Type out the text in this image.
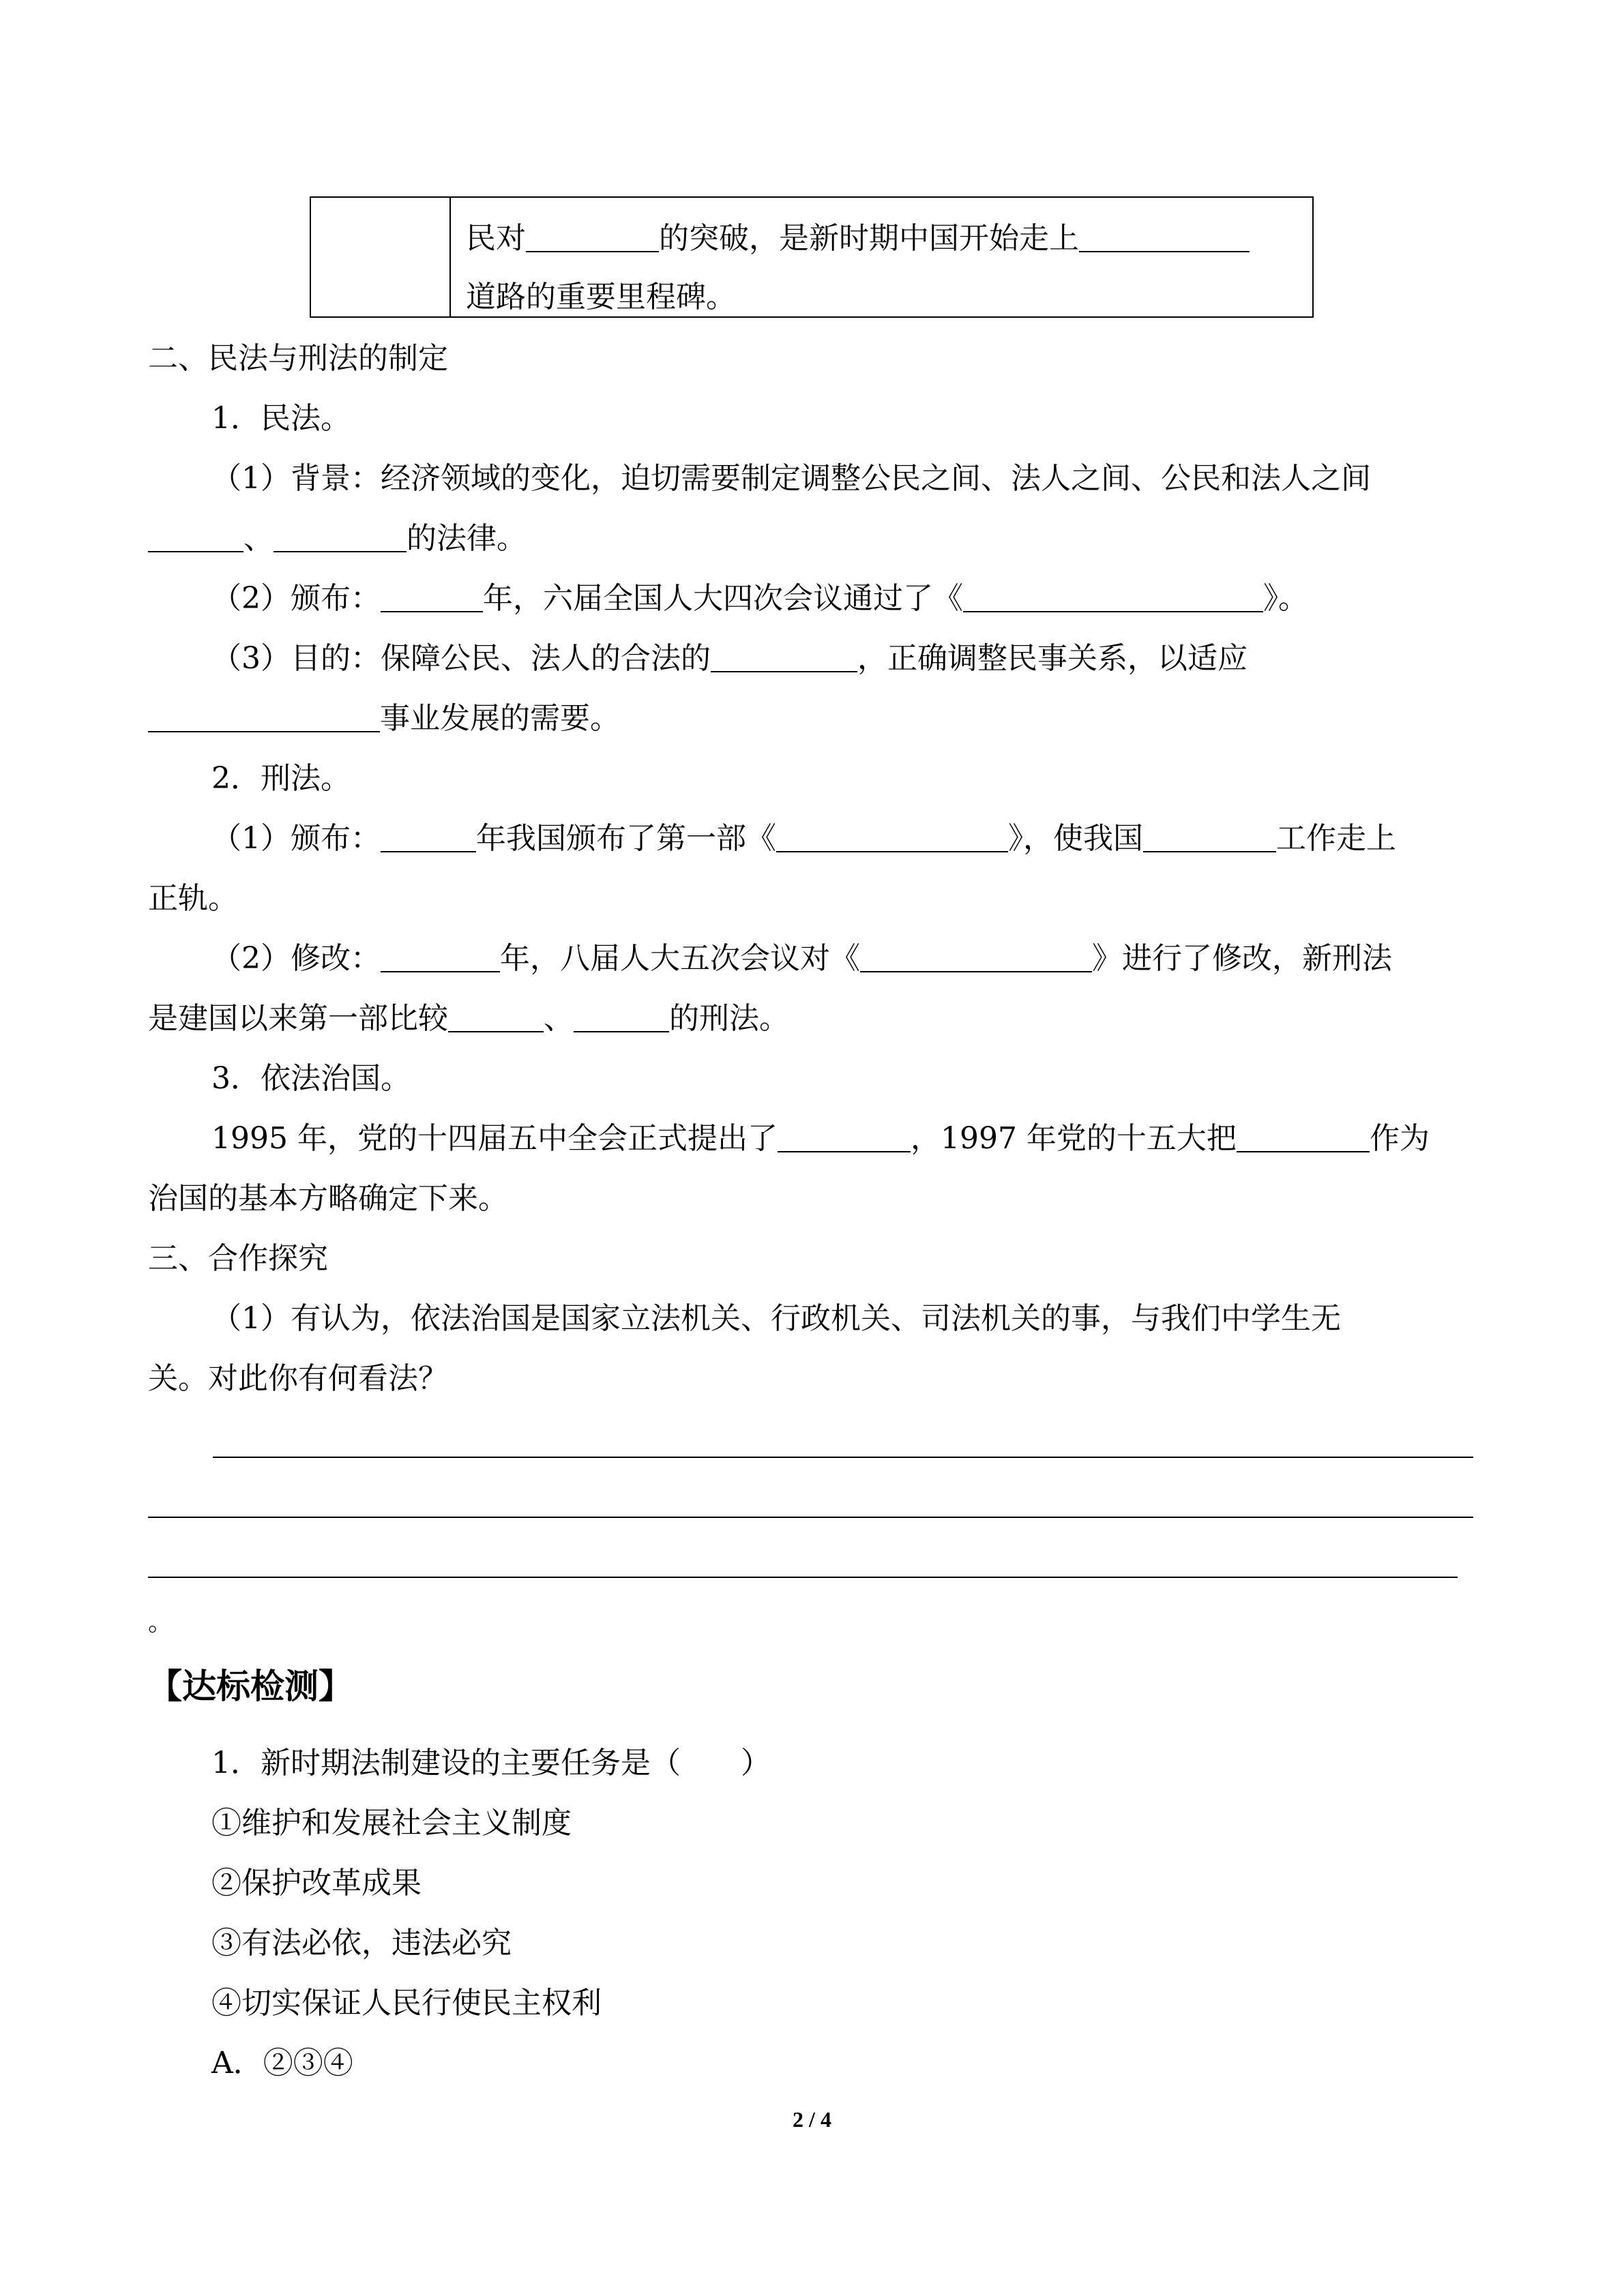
民对	的突破，是新时期中国开始走上
道路的重要里程碑。
二、民法与刑法的制定
1．民法。
（1）背景：经济领域的变化，迫切需要制定调整公民之间、法人之间、公民和法人之间
、	的法律。
（2）颁布：	年，六届全国人大四次会议通过了《	》。
（3）目的：保障公民、法人的合法的	，正确调整民事关系，以适应
事业发展的需要。
2．刑法。
（1）颁布：	年我国颁布了第一部《	》，使我国	工作走上
正轨。
（2）修改：	年，八届人大五次会议对《	》进行了修改，新刑法
是建国以来第一部比较	、	的刑法。
3．依法治国。
1995 年，党的十四届五中全会正式提出了	，1997 年党的十五大把	作为
治国的基本方略确定下来。
三、合作探究
（1）有认为，依法治国是国家立法机关、行政机关、司法机关的事，与我们中学生无
关。对此你有何看法？
。
【达标检测】
1．新时期法制建设的主要任务是（　　）
①维护和发展社会主义制度
②保护改革成果
③有法必依，违法必究
④切实保证人民行使民主权利
A．②③④
2 / 4
